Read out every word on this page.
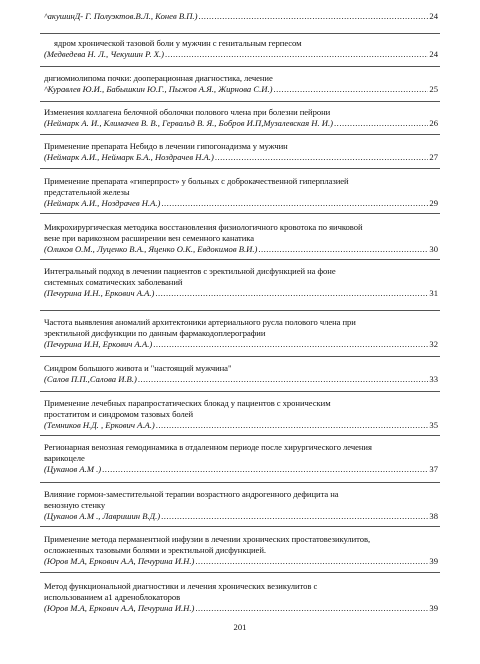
^акушинД- Г. Полуэктов.В.Л., Конев В.П.) .....	24
ядром хронической тазовой боли у мужчин с генитальным герпесом
(Медведева Н. Л., Чекушин Р. Х.) .....	24
днгиомиолипома почки: дооперационная диагностика, лечение
^Куравлев Ю.И., Бабышкин Ю.Г., Пыжов А.Я., Жирнова С.И.) .....	25
Изменения коллагена белочной оболочки полового члена при болезни пейрони
(Неймарк А. И., Климачев В. В., Гервальд В. Я., Бобров И.П,Музалевская Н. И.) .....	26
Применение препарата Небидо в лечении гипогонадизма у мужчин
(Неймарк А.И., Неймарк Б.А., Ноздрачев Н.А.) .....	27
Применение препарата «гиперпрост» у больных с доброкачественной гиперплазией
предстательной железы
(Неймарк А.И., Ноздрачев Н.А.) .....	29
Микрохирургическая методика восстановления физиологичного кровотока по яичковой
вене при варикозном расширении вен семенного канатика
(Оликов О.М., Луценко В.А., Яценко О.К., Евдокимов В.И.) .....	30
Интегральный подход в лечении пациентов с эректильной дисфункцией на фоне
системных соматических заболеваний
(Печурина И.Н., Еркович А.А.) .....	31
Частота выявления аномалий архитектоники артериального русла полового члена при
эректильной дисфункции по данным фармакодоплерографии
(Печурина И.Н, Еркович А.А.) .....	32
Синдром большого живота и "настоящий мужчина"
(Салов П.П.,Салова И.В.) .....	33
Применение лечебных парапростатических блокад у пациентов с хроническим
простатитом и синдромом тазовых болей
(Темников Н.Д. , Еркович А.А.) .....	35
Регионарная венозная гемодинамика в отдаленном периоде после хирургического лечения
варикоцеле
(Цуканов А.М .) .....	37
Влияние гормон-заместительной терапии возрастного андрогенного дефицита на
венозную стенку
(Цуканов А.М ., Лавришин В.Д.) .....	38
Применение метода перманентной инфузии в лечении хронических простатовезикулитов,
осложненных тазовыми болями и эректильной дисфункцией.
(Юров М.А, Еркович А.А, Печурина И.Н.) .....	39
Метод функциональной диагностики и лечения хронических везикулитов с
использованием a1 адреноблокаторов
(Юров М.А, Еркович А.А, Печурина И.Н.) .....	39
201
